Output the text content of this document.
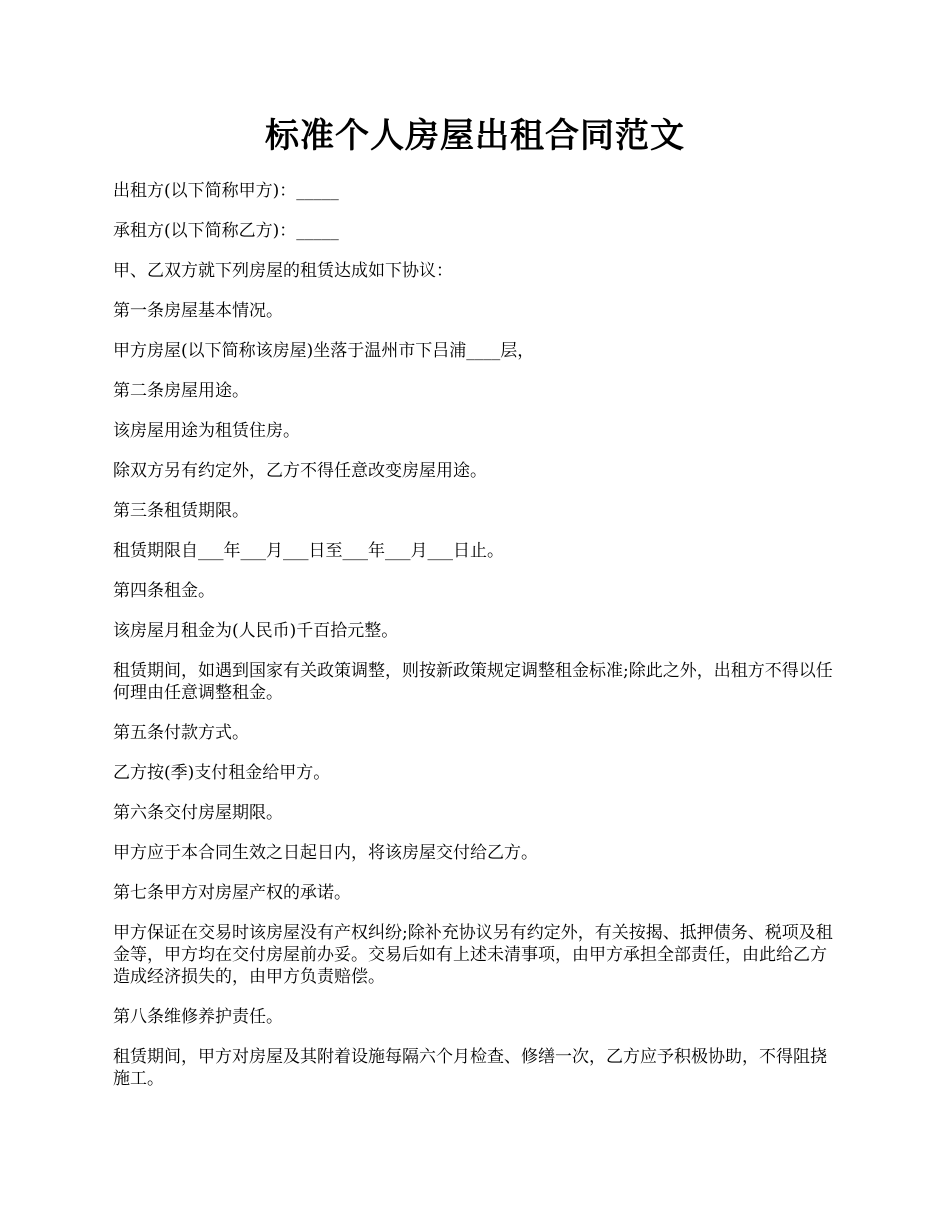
标准个人房屋出租合同范文

出租方(以下简称甲方)：_____

承租方(以下简称乙方)：_____

甲、乙双方就下列房屋的租赁达成如下协议：

第一条房屋基本情况。

甲方房屋(以下简称该房屋)坐落于温州市下吕浦____层，

第二条房屋用途。

该房屋用途为租赁住房。

除双方另有约定外，乙方不得任意改变房屋用途。

第三条租赁期限。

租赁期限自___年___月___日至___年___月___日止。

第四条租金。

该房屋月租金为(人民币)千百拾元整。

租赁期间，如遇到国家有关政策调整，则按新政策规定调整租金标准;除此之外，出租方不得以任何理由任意调整租金。

第五条付款方式。

乙方按(季)支付租金给甲方。

第六条交付房屋期限。

甲方应于本合同生效之日起日内，将该房屋交付给乙方。

第七条甲方对房屋产权的承诺。

甲方保证在交易时该房屋没有产权纠纷;除补充协议另有约定外，有关按揭、抵押债务、税项及租金等，甲方均在交付房屋前办妥。交易后如有上述未清事项，由甲方承担全部责任，由此给乙方造成经济损失的，由甲方负责赔偿。

第八条维修养护责任。

租赁期间，甲方对房屋及其附着设施每隔六个月检查、修缮一次，乙方应予积极协助，不得阻挠施工。
